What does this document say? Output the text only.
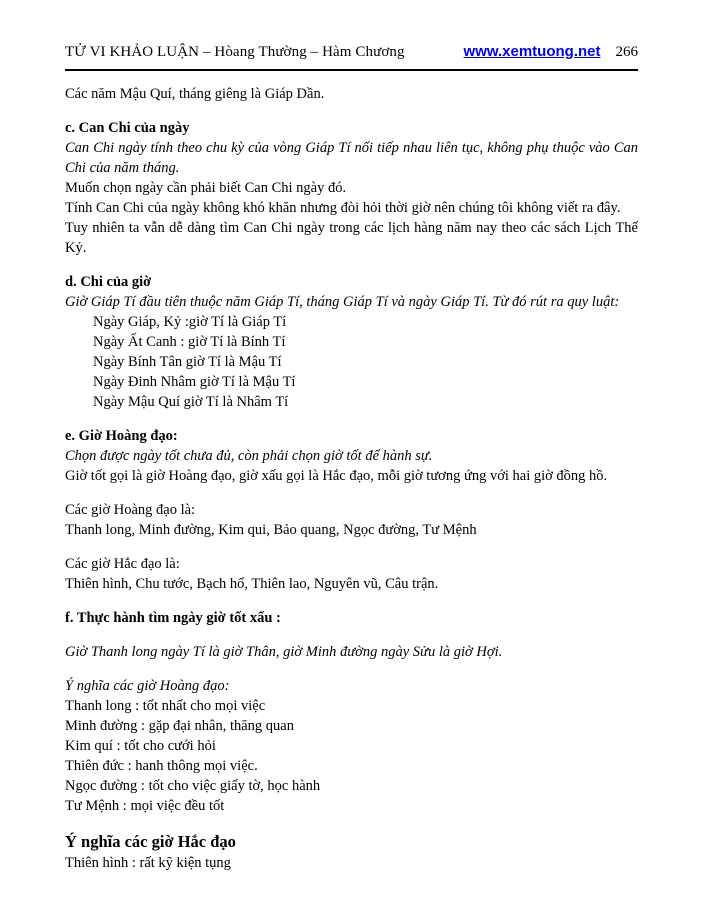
TỬ VI KHẢO LUẬN – Hòang Thường – Hàm Chương	www.xemtuong.net 266
Các năm Mậu Quí, tháng giêng là Giáp Dần.
c. Can Chi của ngày
Can Chi ngày tính theo chu kỳ của vòng Giáp Tí nối tiếp nhau liên tục, không phụ thuộc vào Can Chi của năm tháng.
Muốn chọn ngày cần phải biết Can Chi ngày đó.
Tính Can Chi của ngày không khó khăn nhưng đòi hỏi thời giờ nên chúng tôi không viết ra đây.
Tuy nhiên ta vẫn dễ dàng tìm Can Chi ngày trong các lịch hàng năm nay theo các sách Lịch Thế Kỷ.
d. Chi của giờ
Giờ Giáp Tí đầu tiên thuộc năm Giáp Tí, tháng Giáp Tí và ngày Giáp Tí. Từ đó rút ra quy luật:
Ngày Giáp, Kỷ :giờ Tí là Giáp Tí
Ngày Ất Canh : giờ Tí là Bính Tí
Ngày Bính Tân giờ Tí là Mậu Tí
Ngày Đinh Nhâm giờ Tí là Mậu Tí
Ngày Mậu Quí giờ Tí là Nhâm Tí
e. Giờ Hoàng đạo:
Chọn được ngày tốt chưa đủ, còn phải chọn giờ tốt để hành sự.
Giờ tốt gọi là giờ Hoàng đạo, giờ xấu gọi là Hắc đạo, mỗi giờ tương ứng với hai giờ đồng hồ.
Các giờ Hoàng đạo là:
Thanh long, Minh đường, Kim qui, Bảo quang, Ngọc đường, Tư Mệnh
Các giờ Hắc đạo là:
Thiên hình, Chu tước, Bạch hổ, Thiên lao, Nguyên vũ, Câu trận.
f. Thực hành tìm ngày giờ tốt xấu :
Giờ Thanh long ngày Tí là giờ Thân, giờ Minh đường ngày Sửu là giờ Hợi.
Ý nghĩa các giờ Hoàng đạo:
Thanh long : tốt nhất cho mọi việc
Minh đường : gặp đại nhân, thăng quan
Kim quí : tốt cho cưới hỏi
Thiên đức : hanh thông mọi việc.
Ngọc đường : tốt cho việc giấy tờ, học hành
Tư Mệnh : mọi việc đều tốt
Ý nghĩa các giờ Hắc đạo
Thiên hình : rất kỹ kiện tụng
